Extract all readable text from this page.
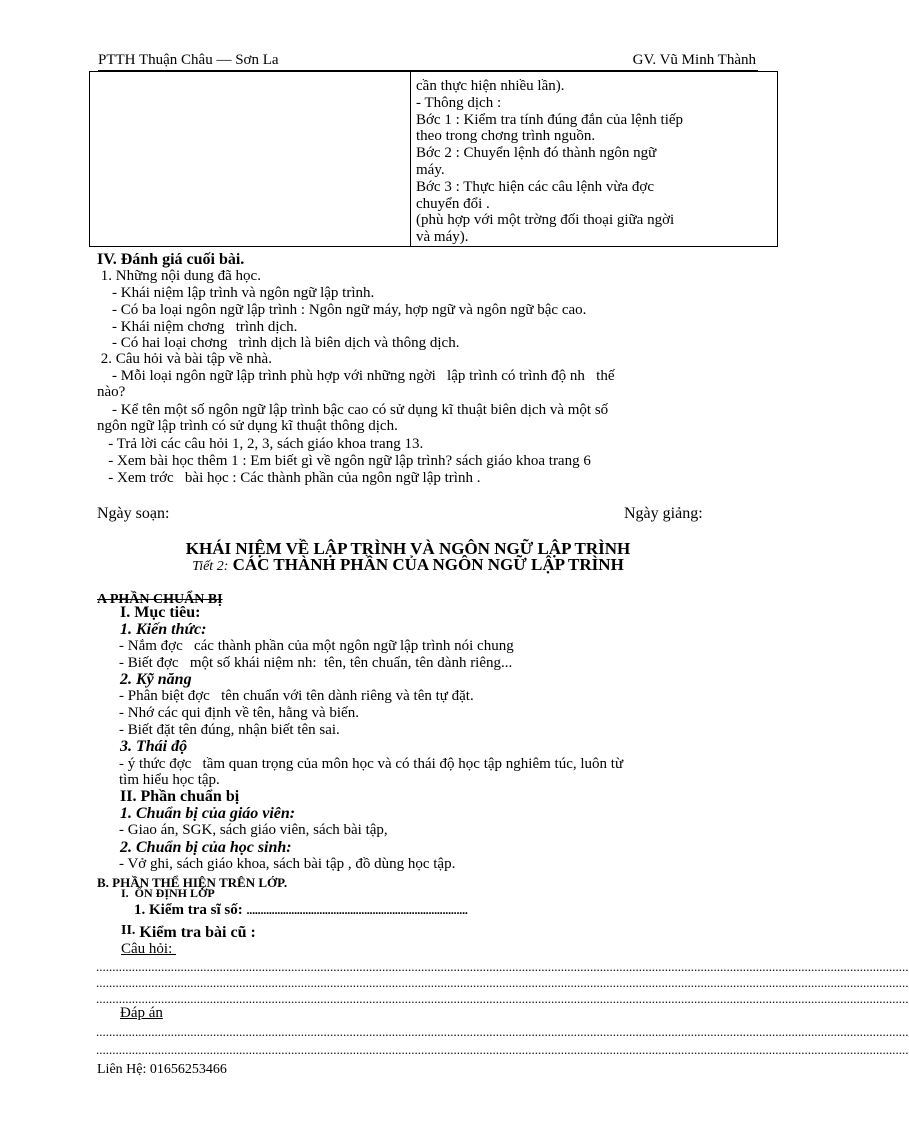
PTTH Thuận Châu — Sơn La	GV. Vũ Minh Thành
cần thực hiện nhiều lần).
- Thông dịch :
Bớc 1 : Kiểm tra tính đúng đắn của lệnh tiếp
theo trong chơng trình nguồn.
Bớc 2 : Chuyển lệnh đó thành ngôn ngữ
máy.
Bớc 3 : Thực hiện các câu lệnh vừa đợc
chuyển đổi .
(phù hợp với một trờng đối thoại giữa ngời
và máy).
IV. Đánh giá cuối bài.
1. Những nội dung đã học.
- Khái niệm lập trình và ngôn ngữ lập trình.
- Có ba loại ngôn ngữ lập trình : Ngôn ngữ máy, hợp ngữ và ngôn ngữ bậc cao.
- Khái niệm chơng   trình dịch.
- Có hai loại chơng   trình dịch là biên dịch và thông dịch.
2. Câu hỏi và bài tập về nhà.
- Mỗi loại ngôn ngữ lập trình phù hợp với những ngời   lập trình có trình độ nh   thế
nào?
- Kể tên một số ngôn ngữ lập trình bậc cao có sử dụng kĩ thuật biên dịch và một số
ngôn ngữ lập trình có sử dụng kĩ thuật thông dịch.
- Trả lời các câu hỏi 1, 2, 3, sách giáo khoa trang 13.
- Xem bài học thêm 1 : Em biết gì về ngôn ngữ lập trình? sách giáo khoa trang 6
- Xem trớc   bài học : Các thành phần của ngôn ngữ lập trình .
Ngày soạn:	Ngày giảng:
KHÁI NIỆM VỀ LẬP TRÌNH VÀ NGÔN NGỮ LẬP TRÌNH
Tiết 2: CÁC THÀNH PHẦN CỦA NGÔN NGỮ LẬP TRÌNH
A PHẦN CHUẨN BỊ
I. Mục tiêu:
1. Kiến thức:
- Nắm đợc   các thành phần của một ngôn ngữ lập trình nói chung
- Biết đợc   một số khái niệm nh:  tên, tên chuẩn, tên dành riêng...
2. Kỹ năng
- Phân biệt đợc   tên chuẩn với tên dành riêng và tên tự đặt.
- Nhớ các qui định về tên, hằng và biến.
- Biết đặt tên đúng, nhận biết tên sai.
3. Thái độ
- ý thức đợc   tầm quan trọng của môn học và có thái độ học tập nghiêm túc, luôn từ
tìm hiểu học tập.
II. Phần chuẩn bị
1. Chuẩn bị của giáo viên:
- Giao án, SGK, sách giáo viên, sách bài tập,
2. Chuẩn bị của học sinh:
- Vở ghi, sách giáo khoa, sách bài tập , đồ dùng học tập.
B. PHẦN THỂ HIỆN TRÊN LỚP.
I.  ỔN ĐỊNH LỚP
1. Kiểm tra sĩ số: ...............................................................................
II. Kiểm tra bài cũ :
Câu hỏi:
..........................................................................................................................................................................................................................................................
..........................................................................................................................................................................................................................................................
..........................................................................................................................................................................................................................................................
Đáp án
..........................................................................................................................................................................................................................................................
..........................................................................................................................................................................................................................................................
Liên Hệ: 01656253466
